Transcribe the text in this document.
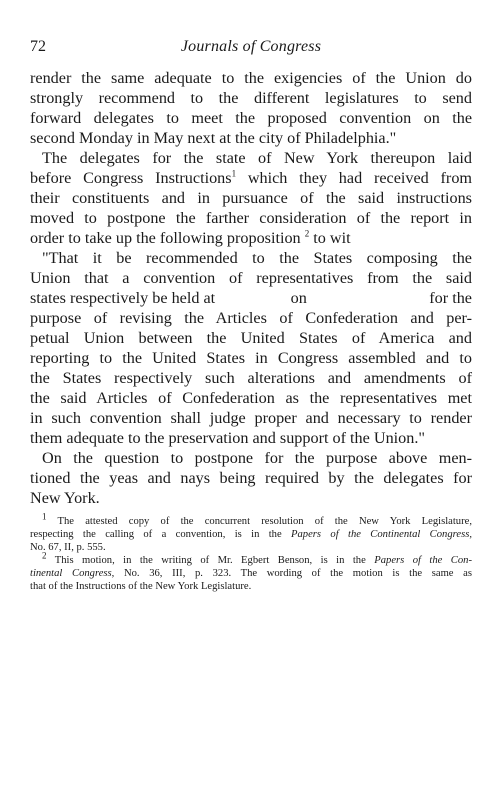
72	Journals of Congress
render the same adequate to the exigencies of the Union do
strongly recommend to the different legislatures to send
forward delegates to meet the proposed convention on the
second Monday in May next at the city of Philadelphia."
The delegates for the state of New York thereupon laid
before Congress Instructions$^1$ which they had received from
their constituents and in pursuance of the said instructions
moved to postpone the farther consideration of the report in
order to take up the following proposition $^2$ to wit
"That it be recommended to the States composing the
Union that a convention of representatives from the said
states respectively be held at	on	for the
purpose of revising the Articles of Confederation and per-
petual Union between the United States of America and
reporting to the United States in Congress assembled and to
the States respectively such alterations and amendments of
the said Articles of Confederation as the representatives met
in such convention shall judge proper and necessary to render
them adequate to the preservation and support of the Union."
On the question to postpone for the purpose above men-
tioned the yeas and nays being required by the delegates for
New York.
$^1$ The attested copy of the concurrent resolution of the New York Legislature,
respecting the calling of a convention, is in the Papers of the Continental Congress,
No. 67, II, p. 555.
$^2$ This motion, in the writing of Mr. Egbert Benson, is in the Papers of the Con-
tinental Congress, No. 36, III, p. 323. The wording of the motion is the same as
that of the Instructions of the New York Legislature.
